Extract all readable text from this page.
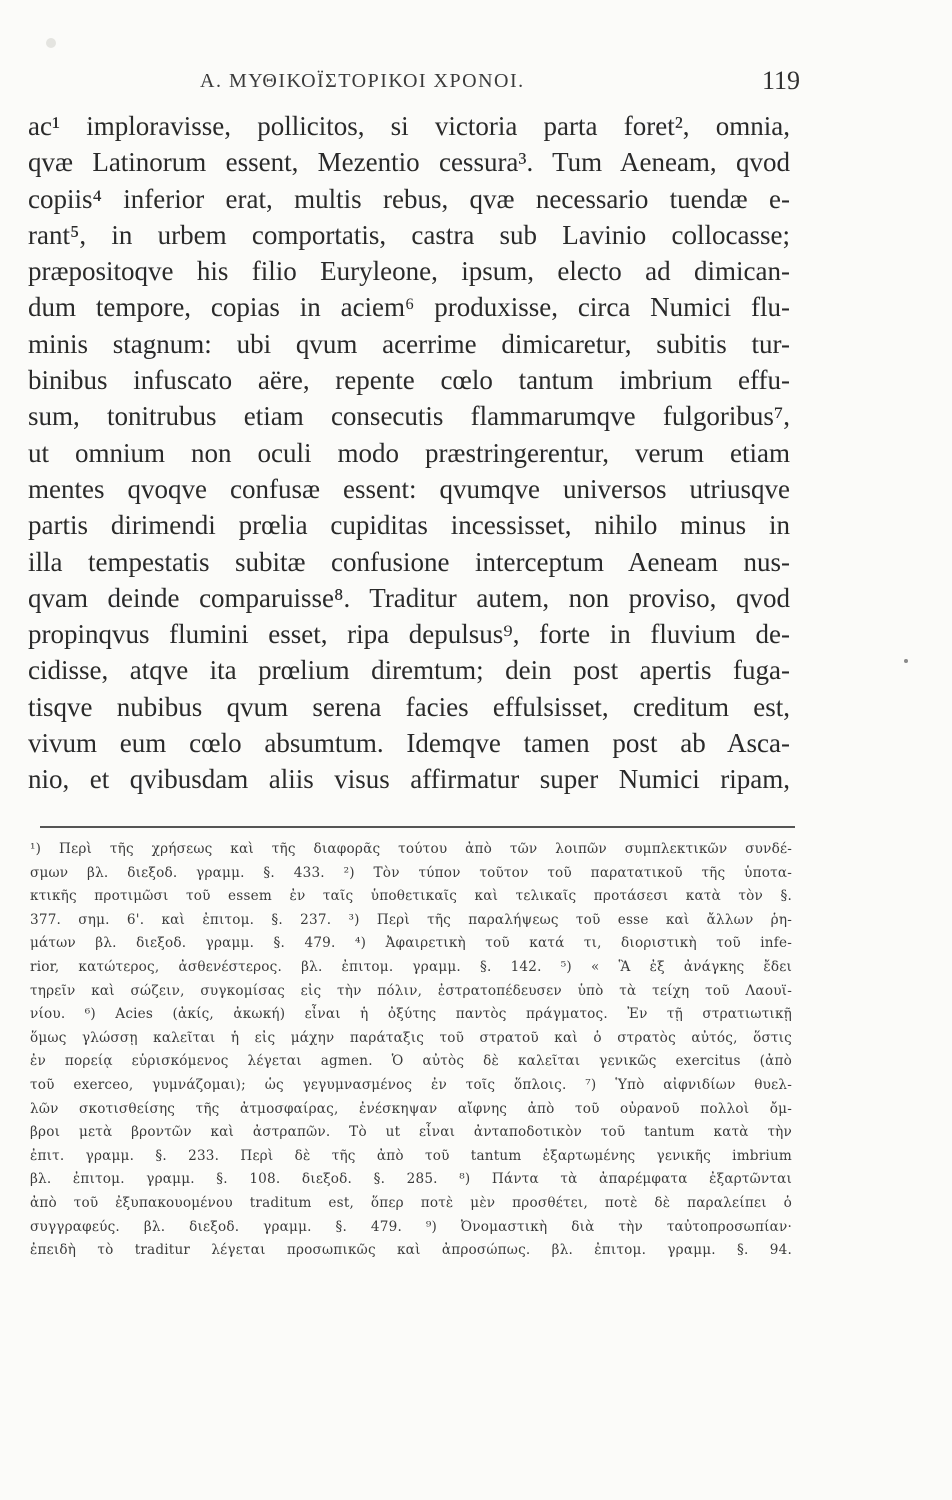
A. ΜΥΘΙΚΟΪΣΤΟΡΙΚΟΙ ΧΡΟΝΟΙ.	119
ac¹ imploravisse, pollicitos, si victoria parta foret², omnia,
qvæ Latinorum essent, Mezentio cessura³. Tum Aeneam, qvod
copiis⁴ inferior erat, multis rebus, qvæ necessario tuendæ e-
rant⁵, in urbem comportatis, castra sub Lavinio collocasse;
præpositoqve his filio Euryleone, ipsum, electo ad dimican-
dum tempore, copias in aciem⁶ produxisse, circa Numici flu-
minis stagnum: ubi qvum acerrime dimicaretur, subitis tur-
binibus infuscato aëre, repente cœlo tantum imbrium effu-
sum, tonitrubus etiam consecutis flammarumqve fulgoribus⁷,
ut omnium non oculi modo præstringerentur, verum etiam
mentes qvoqve confusæ essent: qvumqve universos utriusqve
partis dirimendi prœlia cupiditas incessisset, nihilo minus in
illa tempestatis subitæ confusione interceptum Aeneam nus-
qvam deinde comparuisse⁸. Traditur autem, non proviso, qvod
propinqvus flumini esset, ripa depulsus⁹, forte in fluvium de-
cidisse, atqve ita prœlium diremtum; dein post apertis fuga-
tisqve nubibus qvum serena facies effulsisset, creditum est,
vivum eum cœlo absumtum. Idemqve tamen post ab Asca-
nio, et qvibusdam aliis visus affirmatur super Numici ripam,
¹) Περὶ τῆς χρήσεως καὶ τῆς διαφορᾶς τούτου ἀπὸ τῶν λοιπῶν συμπλεκτικῶν συνδέ-
σμων βλ. διεξοδ. γραμμ. §. 433. ²) Τὸν τύπον τοῦτον τοῦ παρατατικοῦ τῆς ὑποτα-
κτικῆς προτιμῶσι τοῦ essem ἐν ταῖς ὑποθετικαῖς καὶ τελικαῖς προτάσεσι κατὰ τὸν §.
377. σημ. 6'. καὶ ἐπιτομ. §. 237. ³) Περὶ τῆς παραλήψεως τοῦ esse καὶ ἄλλων ῥη-
μάτων βλ. διεξοδ. γραμμ. §. 479. ⁴) Ἀφαιρετικὴ τοῦ κατά τι, διοριστικὴ τοῦ infe-
rior, κατώτερος, ἀσθενέστερος. βλ. ἐπιτομ. γραμμ. §. 142. ⁵) « Ἃ ἐξ ἀνάγκης ἔδει
τηρεῖν καὶ σώζειν, συγκομίσας εἰς τὴν πόλιν, ἐστρατοπέδευσεν ὑπὸ τὰ τείχη τοῦ Λαουϊ-
νίου. ⁶) Acies (ἀκίς, ἀκωκή) εἶναι ἡ ὀξύτης παντὸς πράγματος. Ἐν τῇ στρατιωτικῇ
ὅμως γλώσσῃ καλεῖται ἡ εἰς μάχην παράταξις τοῦ στρατοῦ καὶ ὁ στρατὸς αὐτός, ὅστις
ἐν πορείᾳ εὑρισκόμενος λέγεται agmen. Ὁ αὐτὸς δὲ καλεῖται γενικῶς exercitus (ἀπὸ
τοῦ exerceo, γυμνάζομαι); ὡς γεγυμνασμένος ἐν τοῖς ὅπλοις. ⁷) Ὑπὸ αἰφνιδίων θυελ-
λῶν σκοτισθείσης τῆς ἀτμοσφαίρας, ἐνέσκηψαν αἴφνης ἀπὸ τοῦ οὐρανοῦ πολλοὶ ὄμ-
βροι μετὰ βροντῶν καὶ ἀστραπῶν. Τὸ ut εἶναι ἀνταποδοτικὸν τοῦ tantum κατὰ τὴν
ἐπιτ. γραμμ. §. 233. Περὶ δὲ τῆς ἀπὸ τοῦ tantum ἐξαρτωμένης γενικῆς imbrium
βλ. ἐπιτομ. γραμμ. §. 108. διεξοδ. §. 285. ⁸) Πάντα τὰ ἀπαρέμφατα ἐξαρτῶνται
ἀπὸ τοῦ ἐξυπακουομένου traditum est, ὅπερ ποτὲ μὲν προσθέτει, ποτὲ δὲ παραλείπει ὁ
συγγραφεύς. βλ. διεξοδ. γραμμ. §. 479. ⁹) Ὀνομαστικὴ διὰ τὴν ταὐτοπροσωπίαν·
ἐπειδὴ τὸ traditur λέγεται προσωπικῶς καὶ ἀπροσώπως. βλ. ἐπιτομ. γραμμ. §. 94.
